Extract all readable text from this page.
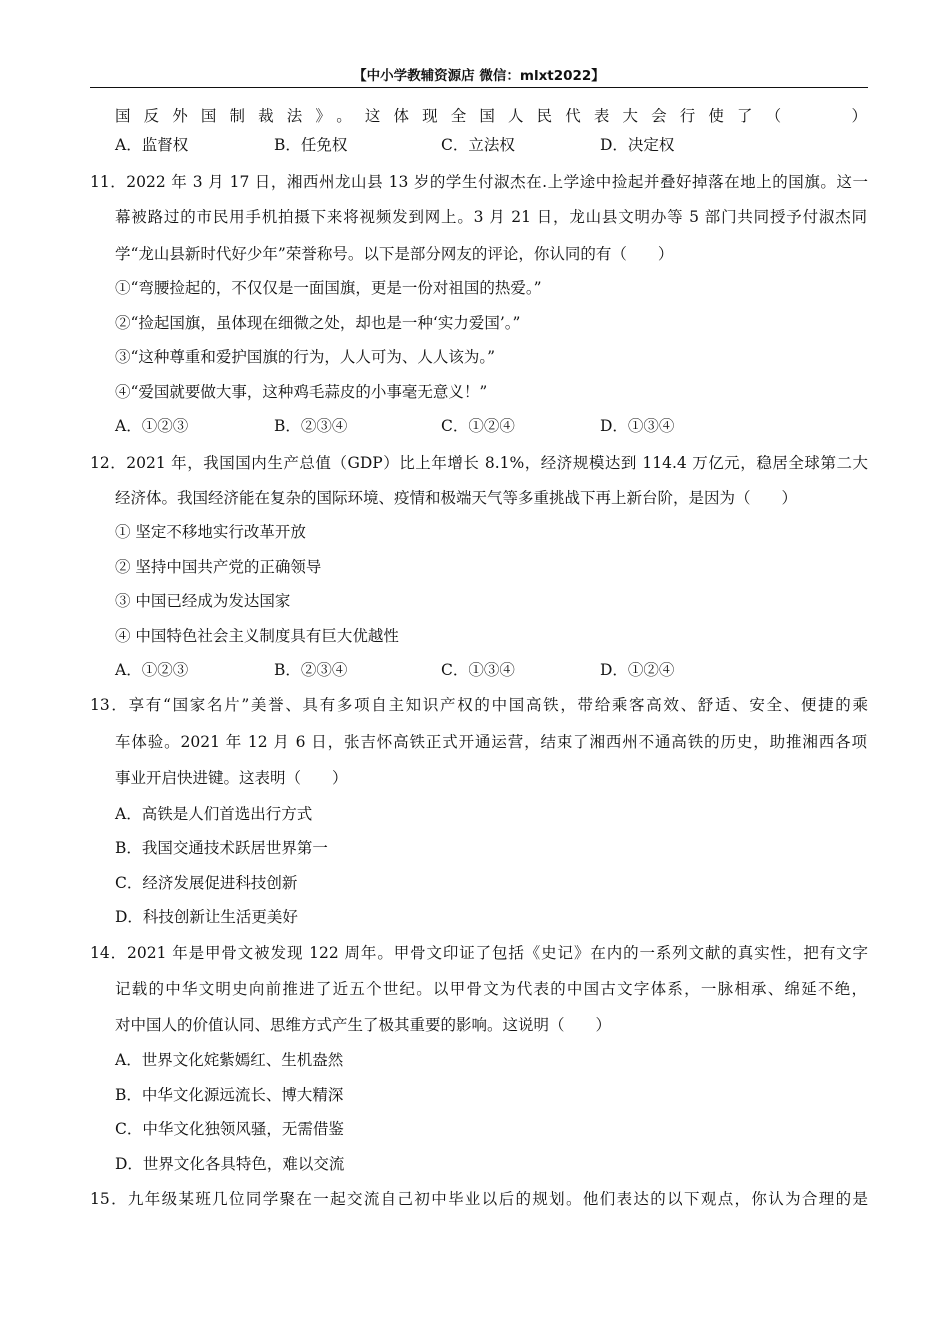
【中小学教辅资源店 微信：mlxt2022】
国反外国制裁法》。这体现全国人民代表大会行使了（　　）
A．监督权	B．任免权	C．立法权	D．决定权
11．2022 年 3 月 17 日，湘西州龙山县 13 岁的学生付淑杰在.上学途中捡起并叠好掉落在地上的国旗。这一
幕被路过的市民用手机拍摄下来将视频发到网上。3 月 21 日，龙山县文明办等 5 部门共同授予付淑杰同
学“龙山县新时代好少年”荣誉称号。以下是部分网友的评论，你认同的有（　　）
①“弯腰捡起的，不仅仅是一面国旗，更是一份对祖国的热爱。”
②“捡起国旗，虽体现在细微之处，却也是一种‘实力爱国’。”
③“这种尊重和爱护国旗的行为，人人可为、人人该为。”
④“爱国就要做大事，这种鸡毛蒜皮的小事毫无意义！”
A．①②③	B．②③④	C．①②④	D．①③④
12．2021 年，我国国内生产总值（GDP）比上年增长 8.1%，经济规模达到 114.4 万亿元，稳居全球第二大
经济体。我国经济能在复杂的国际环境、疫情和极端天气等多重挑战下再上新台阶，是因为（　　）
① 坚定不移地实行改革开放
② 坚持中国共产党的正确领导
③ 中国已经成为发达国家
④ 中国特色社会主义制度具有巨大优越性
A．①②③	B．②③④	C．①③④	D．①②④
13．享有“国家名片”美誉、具有多项自主知识产权的中国高铁，带给乘客高效、舒适、安全、便捷的乘
车体验。2021 年 12 月 6 日，张吉怀高铁正式开通运营，结束了湘西州不通高铁的历史，助推湘西各项
事业开启快进键。这表明（　　）
A．高铁是人们首选出行方式
B．我国交通技术跃居世界第一
C．经济发展促进科技创新
D．科技创新让生活更美好
14．2021 年是甲骨文被发现 122 周年。甲骨文印证了包括《史记》在内的一系列文献的真实性，把有文字
记载的中华文明史向前推进了近五个世纪。以甲骨文为代表的中国古文字体系，一脉相承、绵延不绝，
对中国人的价值认同、思维方式产生了极其重要的影响。这说明（　　）
A．世界文化姹紫嫣红、生机盎然
B．中华文化源远流长、博大精深
C．中华文化独领风骚，无需借鉴
D．世界文化各具特色，难以交流
15．九年级某班几位同学聚在一起交流自己初中毕业以后的规划。他们表达的以下观点，你认为合理的是
